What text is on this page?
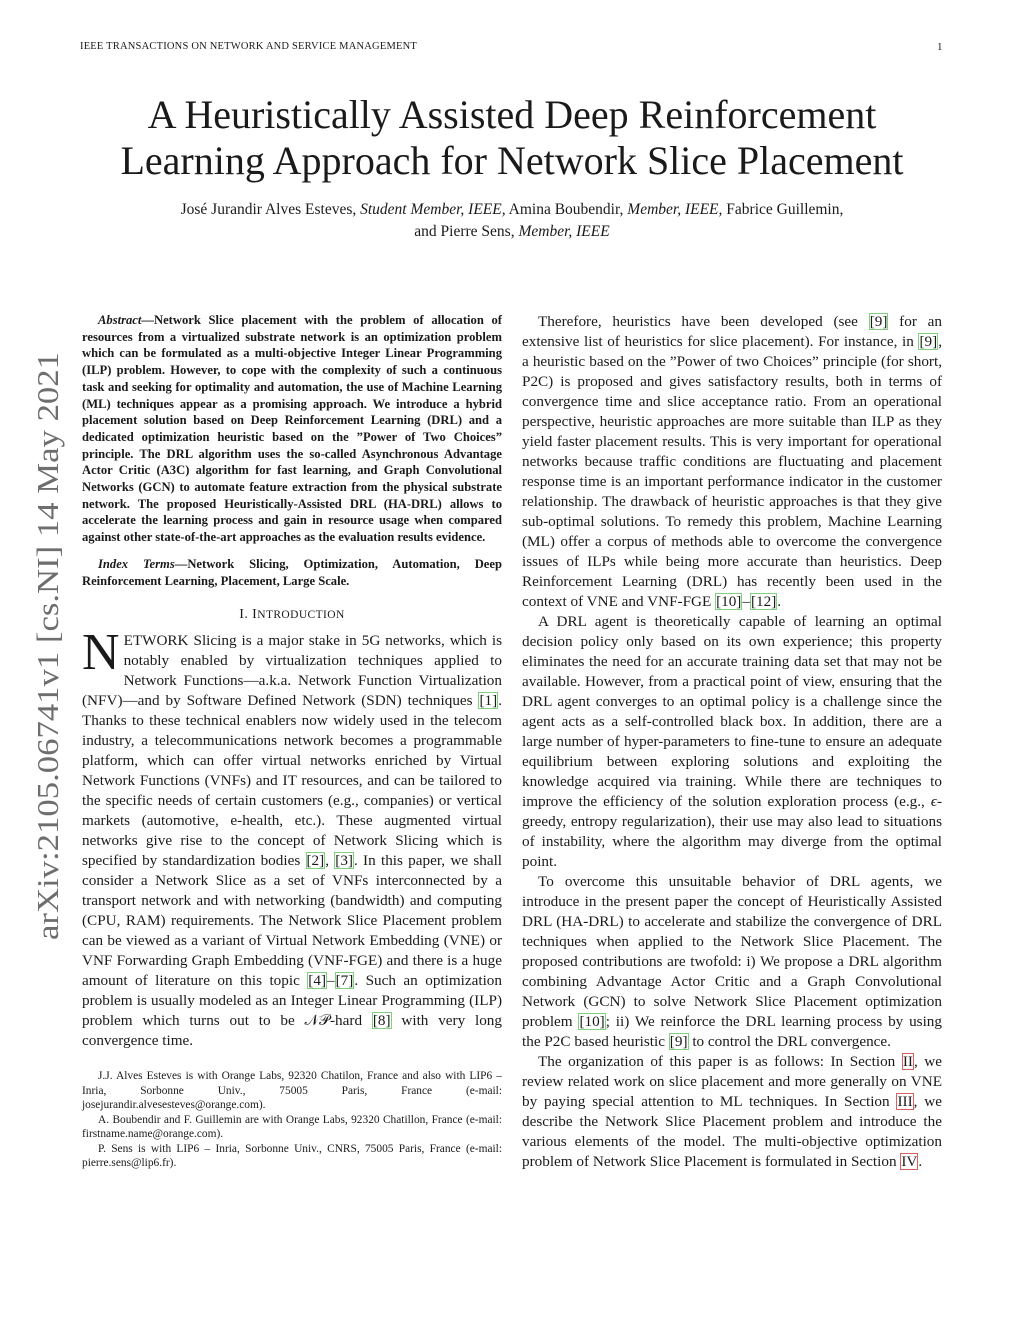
IEEE TRANSACTIONS ON NETWORK AND SERVICE MANAGEMENT	1
arXiv:2105.06741v1 [cs.NI] 14 May 2021
A Heuristically Assisted Deep Reinforcement
Learning Approach for Network Slice Placement
José Jurandir Alves Esteves, Student Member, IEEE, Amina Boubendir, Member, IEEE, Fabrice Guillemin,
and Pierre Sens, Member, IEEE

Abstract—Network Slice placement with the problem of allocation of resources from a virtualized substrate network is an optimization problem which can be formulated as a multi-objective Integer Linear Programming (ILP) problem. However, to cope with the complexity of such a continuous task and seeking for optimality and automation, the use of Machine Learning (ML) techniques appear as a promising approach. We introduce a hybrid placement solution based on Deep Reinforcement Learning (DRL) and a dedicated optimization heuristic based on the ”Power of Two Choices” principle. The DRL algorithm uses the so-called Asynchronous Advantage Actor Critic (A3C) algorithm for fast learning, and Graph Convolutional Networks (GCN) to automate feature extraction from the physical substrate network. The proposed Heuristically-Assisted DRL (HA-DRL) allows to accelerate the learning process and gain in resource usage when compared against other state-of-the-art approaches as the evaluation results evidence.

Index Terms—Network Slicing, Optimization, Automation, Deep Reinforcement Learning, Placement, Large Scale.

I. INTRODUCTION

NETWORK Slicing is a major stake in 5G networks, which is notably enabled by virtualization techniques applied to Network Functions—a.k.a. Network Function Virtualization (NFV)—and by Software Defined Network (SDN) techniques [1]. Thanks to these technical enablers now widely used in the telecom industry, a telecommunications network becomes a programmable platform, which can offer virtual networks enriched by Virtual Network Functions (VNFs) and IT resources, and can be tailored to the specific needs of certain customers (e.g., companies) or vertical markets (automotive, e-health, etc.). These augmented virtual networks give rise to the concept of Network Slicing which is specified by standardization bodies [2], [3]. In this paper, we shall consider a Network Slice as a set of VNFs interconnected by a transport network and with networking (bandwidth) and computing (CPU, RAM) requirements. The Network Slice Placement problem can be viewed as a variant of Virtual Network Embedding (VNE) or VNF Forwarding Graph Embedding (VNF-FGE) and there is a huge amount of literature on this topic [4]–[7]. Such an optimization problem is usually modeled as an Integer Linear Programming (ILP) problem which turns out to be 𝒩𝒫-hard [8] with very long convergence time.

J.J. Alves Esteves is with Orange Labs, 92320 Chatilon, France and also with LIP6 – Inria, Sorbonne Univ., 75005 Paris, France (e-mail: josejurandir.alvesesteves@orange.com).

A. Boubendir and F. Guillemin are with Orange Labs, 92320 Chatillon, France (e-mail: firstname.name@orange.com).

P. Sens is with LIP6 – Inria, Sorbonne Univ., CNRS, 75005 Paris, France (e-mail: pierre.sens@lip6.fr).

Therefore, heuristics have been developed (see [9] for an extensive list of heuristics for slice placement). For instance, in [9], a heuristic based on the ”Power of two Choices” principle (for short, P2C) is proposed and gives satisfactory results, both in terms of convergence time and slice acceptance ratio. From an operational perspective, heuristic approaches are more suitable than ILP as they yield faster placement results. This is very important for operational networks because traffic conditions are fluctuating and placement response time is an important performance indicator in the customer relationship. The drawback of heuristic approaches is that they give sub-optimal solutions. To remedy this problem, Machine Learning (ML) offer a corpus of methods able to overcome the convergence issues of ILPs while being more accurate than heuristics. Deep Reinforcement Learning (DRL) has recently been used in the context of VNE and VNF-FGE [10]–[12].

A DRL agent is theoretically capable of learning an optimal decision policy only based on its own experience; this property eliminates the need for an accurate training data set that may not be available. However, from a practical point of view, ensuring that the DRL agent converges to an optimal policy is a challenge since the agent acts as a self-controlled black box. In addition, there are a large number of hyper-parameters to fine-tune to ensure an adequate equilibrium between exploring solutions and exploiting the knowledge acquired via training. While there are techniques to improve the efficiency of the solution exploration process (e.g., ϵ-greedy, entropy regularization), their use may also lead to situations of instability, where the algorithm may diverge from the optimal point.

To overcome this unsuitable behavior of DRL agents, we introduce in the present paper the concept of Heuristically Assisted DRL (HA-DRL) to accelerate and stabilize the convergence of DRL techniques when applied to the Network Slice Placement. The proposed contributions are twofold: i) We propose a DRL algorithm combining Advantage Actor Critic and a Graph Convolutional Network (GCN) to solve Network Slice Placement optimization problem [10]; ii) We reinforce the DRL learning process by using the P2C based heuristic [9] to control the DRL convergence.

The organization of this paper is as follows: In Section II, we review related work on slice placement and more generally on VNE by paying special attention to ML techniques. In Section III, we describe the Network Slice Placement problem and introduce the various elements of the model. The multi-objective optimization problem of Network Slice Placement is formulated in Section IV.
